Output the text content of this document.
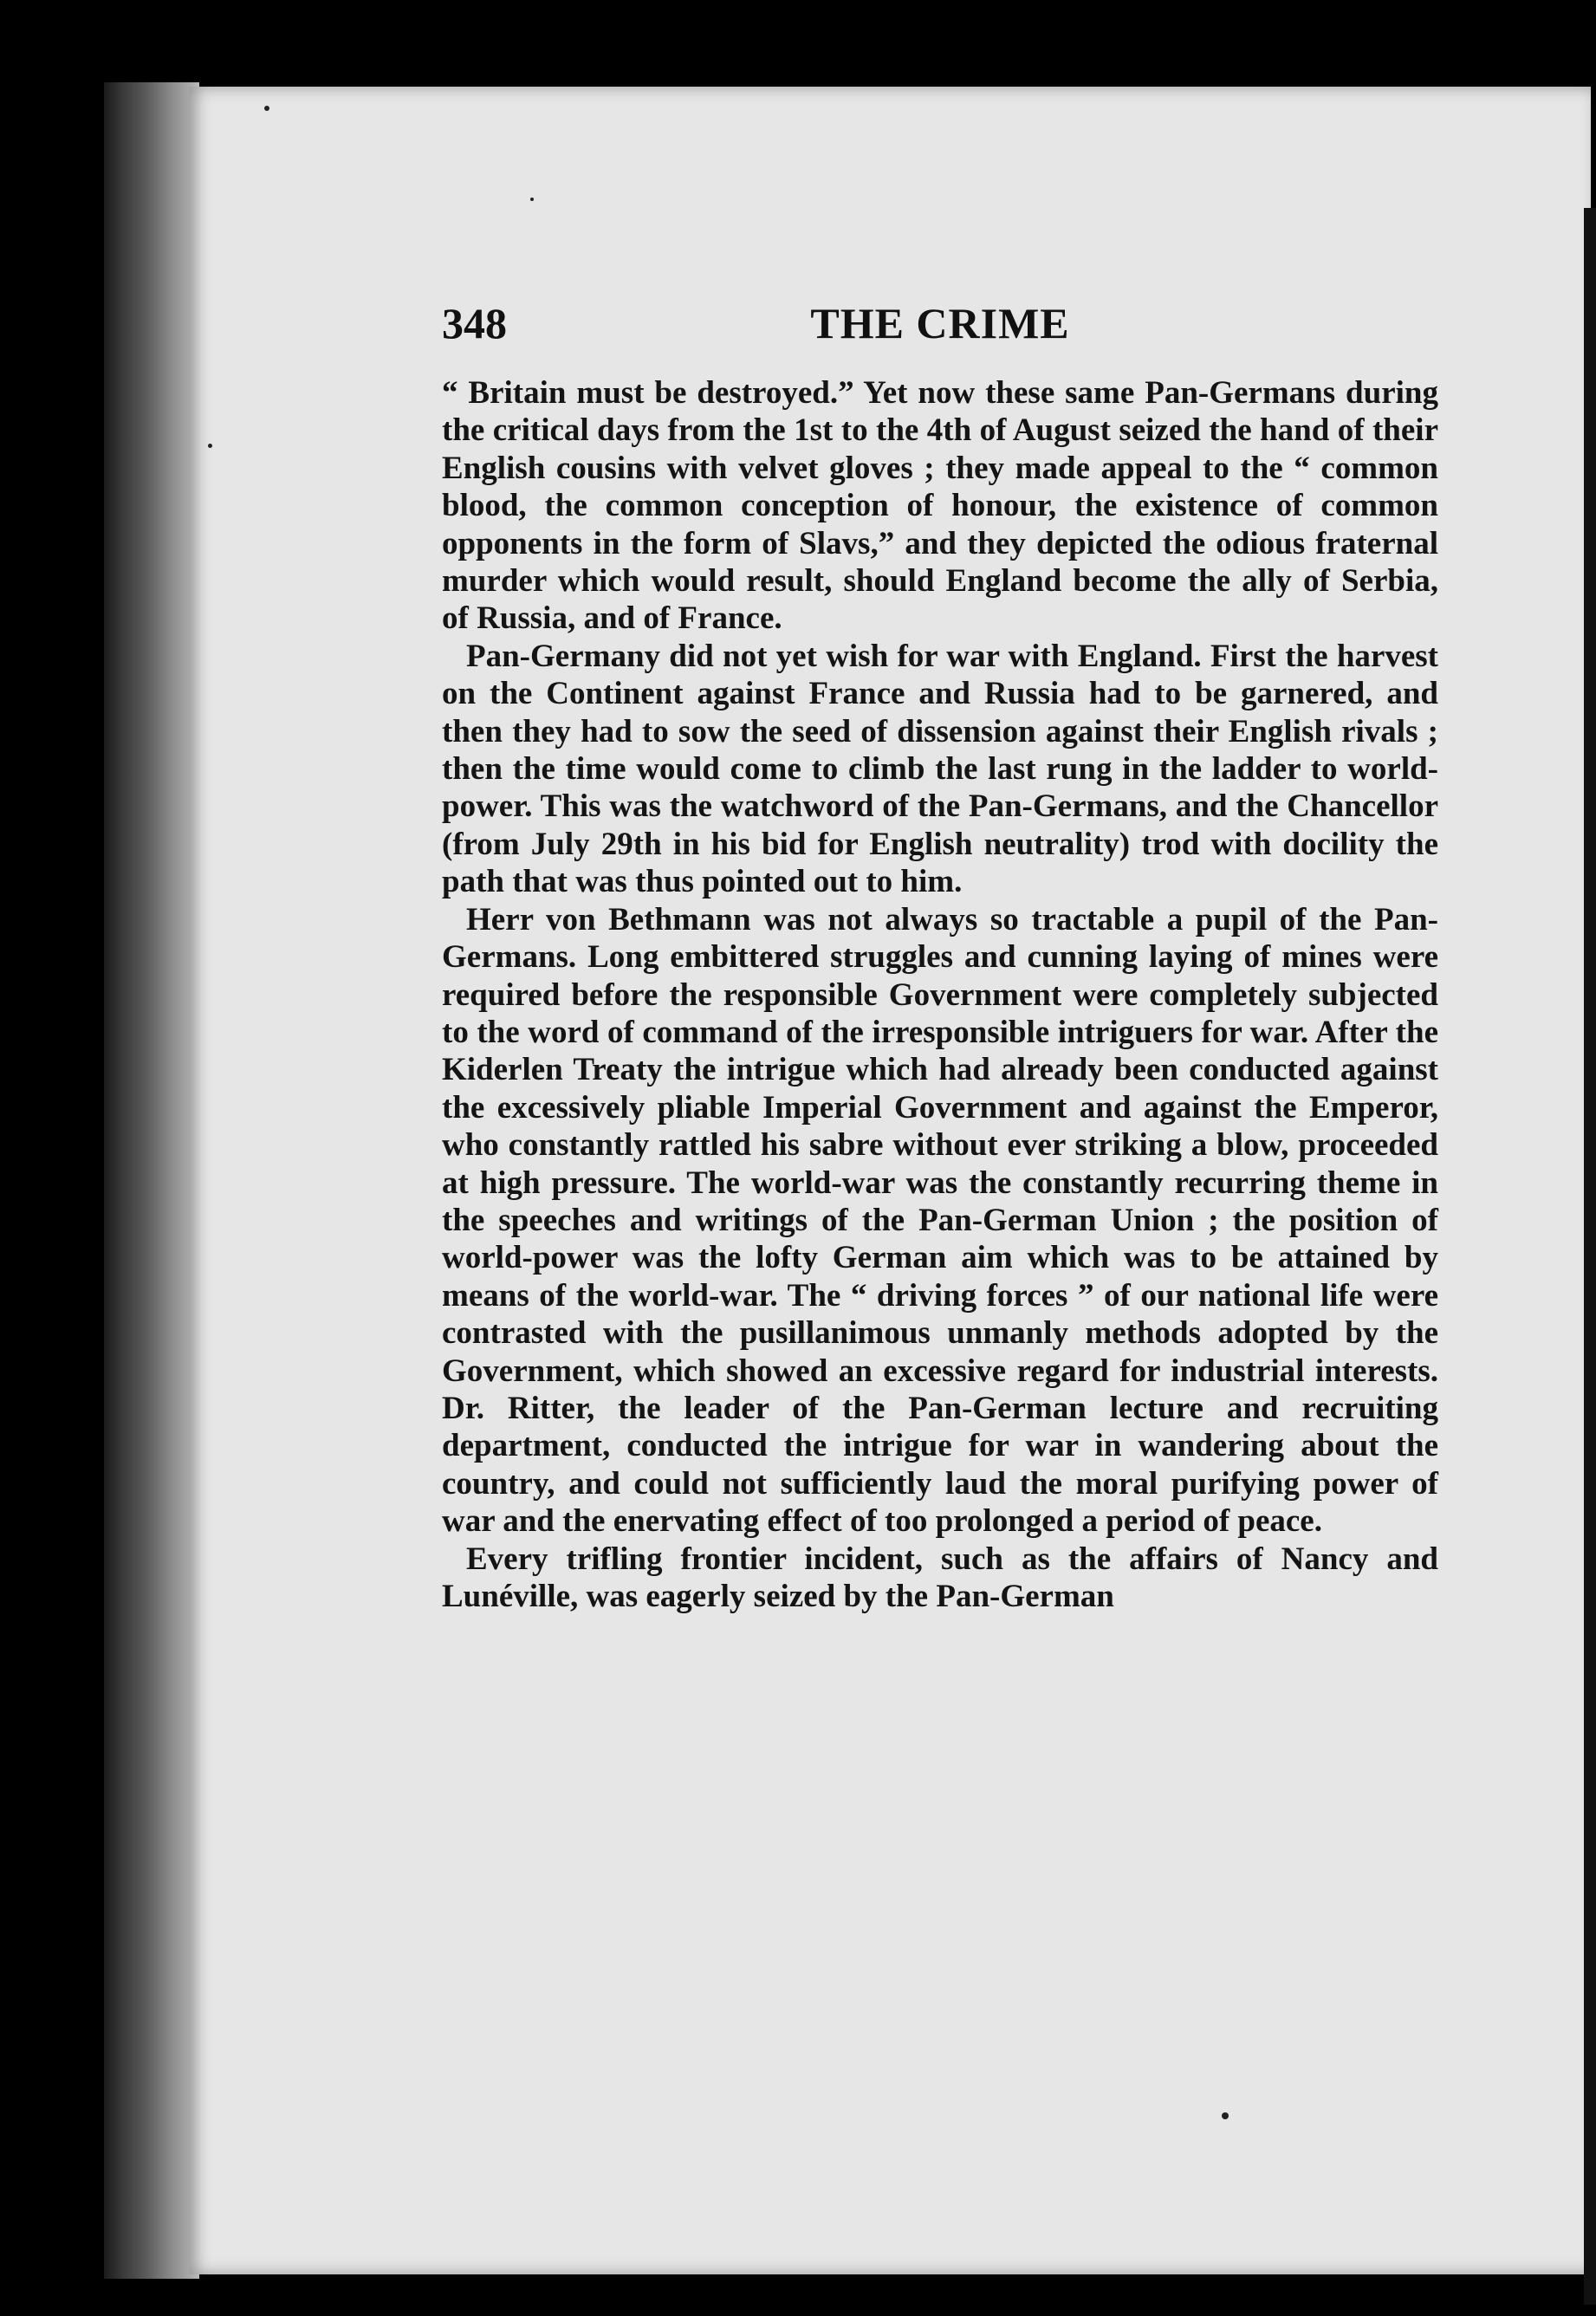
348	THE CRIME

“ Britain must be destroyed.” Yet now these same Pan-Germans during the critical days from the 1st to the 4th of August seized the hand of their English cousins with velvet gloves ; they made appeal to the “ common blood, the common conception of honour, the existence of common opponents in the form of Slavs,” and they depicted the odious fraternal murder which would result, should England become the ally of Serbia, of Russia, and of France.

Pan-Germany did not yet wish for war with England. First the harvest on the Continent against France and Russia had to be garnered, and then they had to sow the seed of dissension against their English rivals ; then the time would come to climb the last rung in the ladder to world-power. This was the watchword of the Pan-Germans, and the Chancellor (from July 29th in his bid for English neutrality) trod with docility the path that was thus pointed out to him.

Herr von Bethmann was not always so tractable a pupil of the Pan-Germans. Long embittered struggles and cunning laying of mines were required before the responsible Government were completely subjected to the word of command of the irresponsible intriguers for war. After the Kiderlen Treaty the intrigue which had already been conducted against the excessively pliable Imperial Government and against the Emperor, who constantly rattled his sabre without ever striking a blow, proceeded at high pressure. The world-war was the constantly recurring theme in the speeches and writings of the Pan-German Union ; the position of world-power was the lofty German aim which was to be attained by means of the world-war. The “ driving forces ” of our national life were contrasted with the pusillanimous unmanly methods adopted by the Government, which showed an excessive regard for industrial interests. Dr. Ritter, the leader of the Pan-German lecture and recruiting department, conducted the intrigue for war in wandering about the country, and could not sufficiently laud the moral purifying power of war and the enervating effect of too prolonged a period of peace.

Every trifling frontier incident, such as the affairs of Nancy and Lunéville, was eagerly seized by the Pan-German
